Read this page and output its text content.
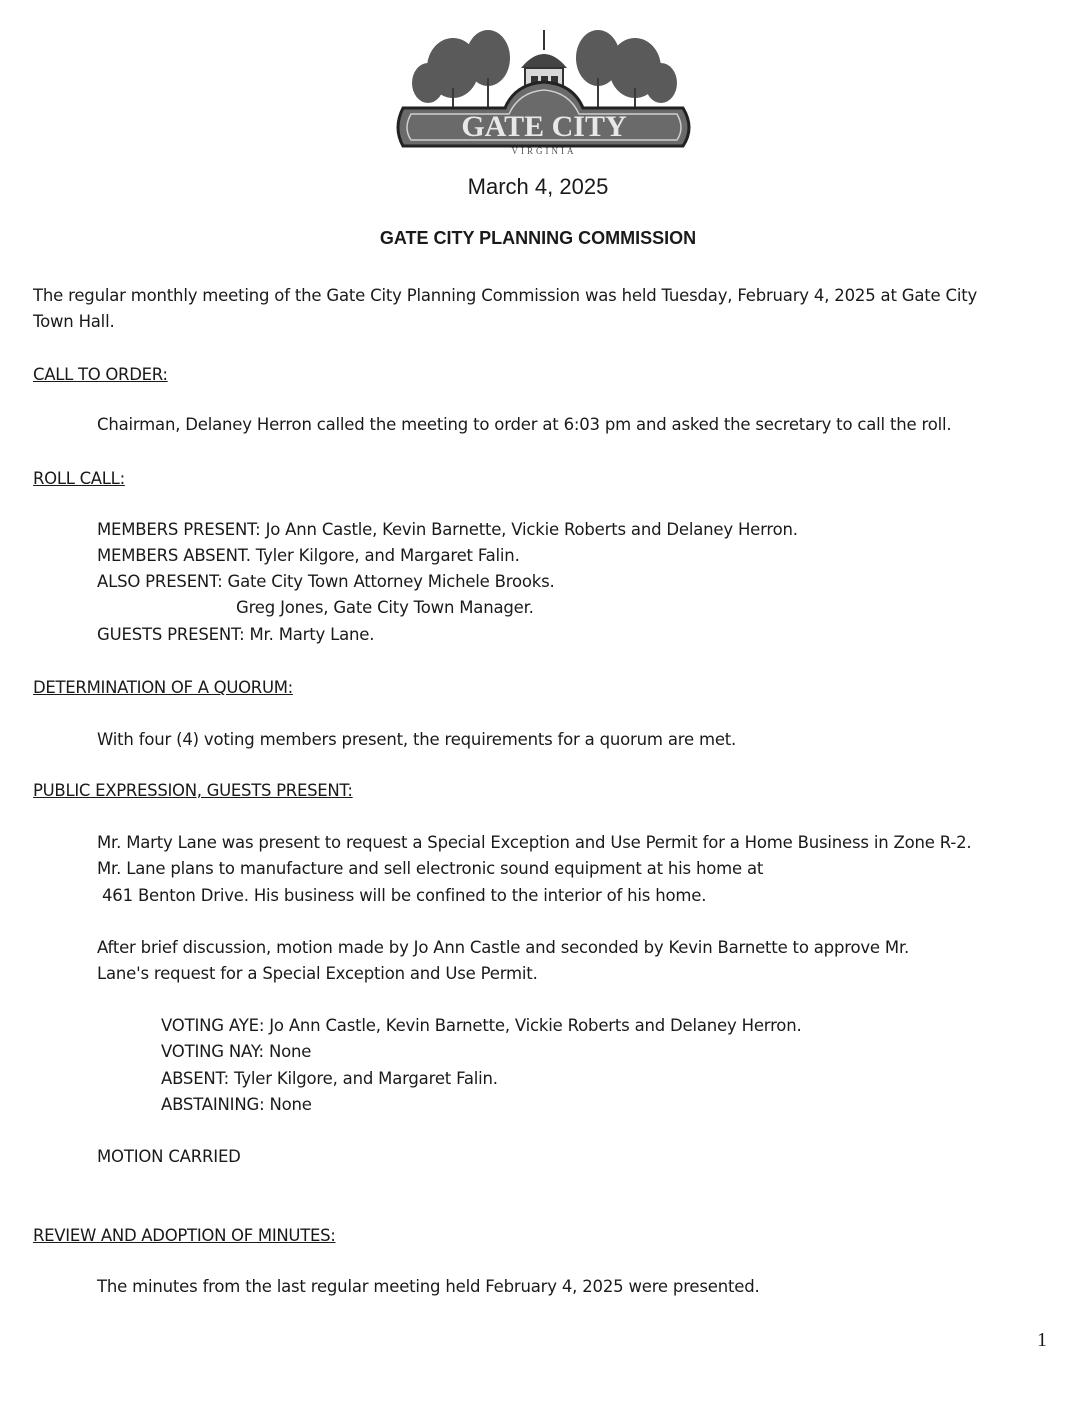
GATE CITY
VIRGINIA
March 4, 2025
GATE CITY PLANNING COMMISSION
The regular monthly meeting of the Gate City Planning Commission was held Tuesday, February 4, 2025 at Gate City
Town Hall.
CALL TO ORDER:
Chairman, Delaney Herron called the meeting to order at 6:03 pm and asked the secretary to call the roll.
ROLL CALL:
MEMBERS PRESENT: Jo Ann Castle, Kevin Barnette, Vickie Roberts and Delaney Herron.
MEMBERS ABSENT. Tyler Kilgore, and Margaret Falin.
ALSO PRESENT: Gate City Town Attorney Michele Brooks.
Greg Jones, Gate City Town Manager.
GUESTS PRESENT: Mr. Marty Lane.
DETERMINATION OF A QUORUM:
With four (4) voting members present, the requirements for a quorum are met.
PUBLIC EXPRESSION, GUESTS PRESENT:
Mr. Marty Lane was present to request a Special Exception and Use Permit for a Home Business in Zone R-2.
Mr. Lane plans to manufacture and sell electronic sound equipment at his home at
461 Benton Drive. His business will be confined to the interior of his home.
After brief discussion, motion made by Jo Ann Castle and seconded by Kevin Barnette to approve Mr.
Lane's request for a Special Exception and Use Permit.
VOTING AYE: Jo Ann Castle, Kevin Barnette, Vickie Roberts and Delaney Herron.
VOTING NAY: None
ABSENT: Tyler Kilgore, and Margaret Falin.
ABSTAINING: None
MOTION CARRIED
REVIEW AND ADOPTION OF MINUTES:
The minutes from the last regular meeting held February 4, 2025 were presented.
1
